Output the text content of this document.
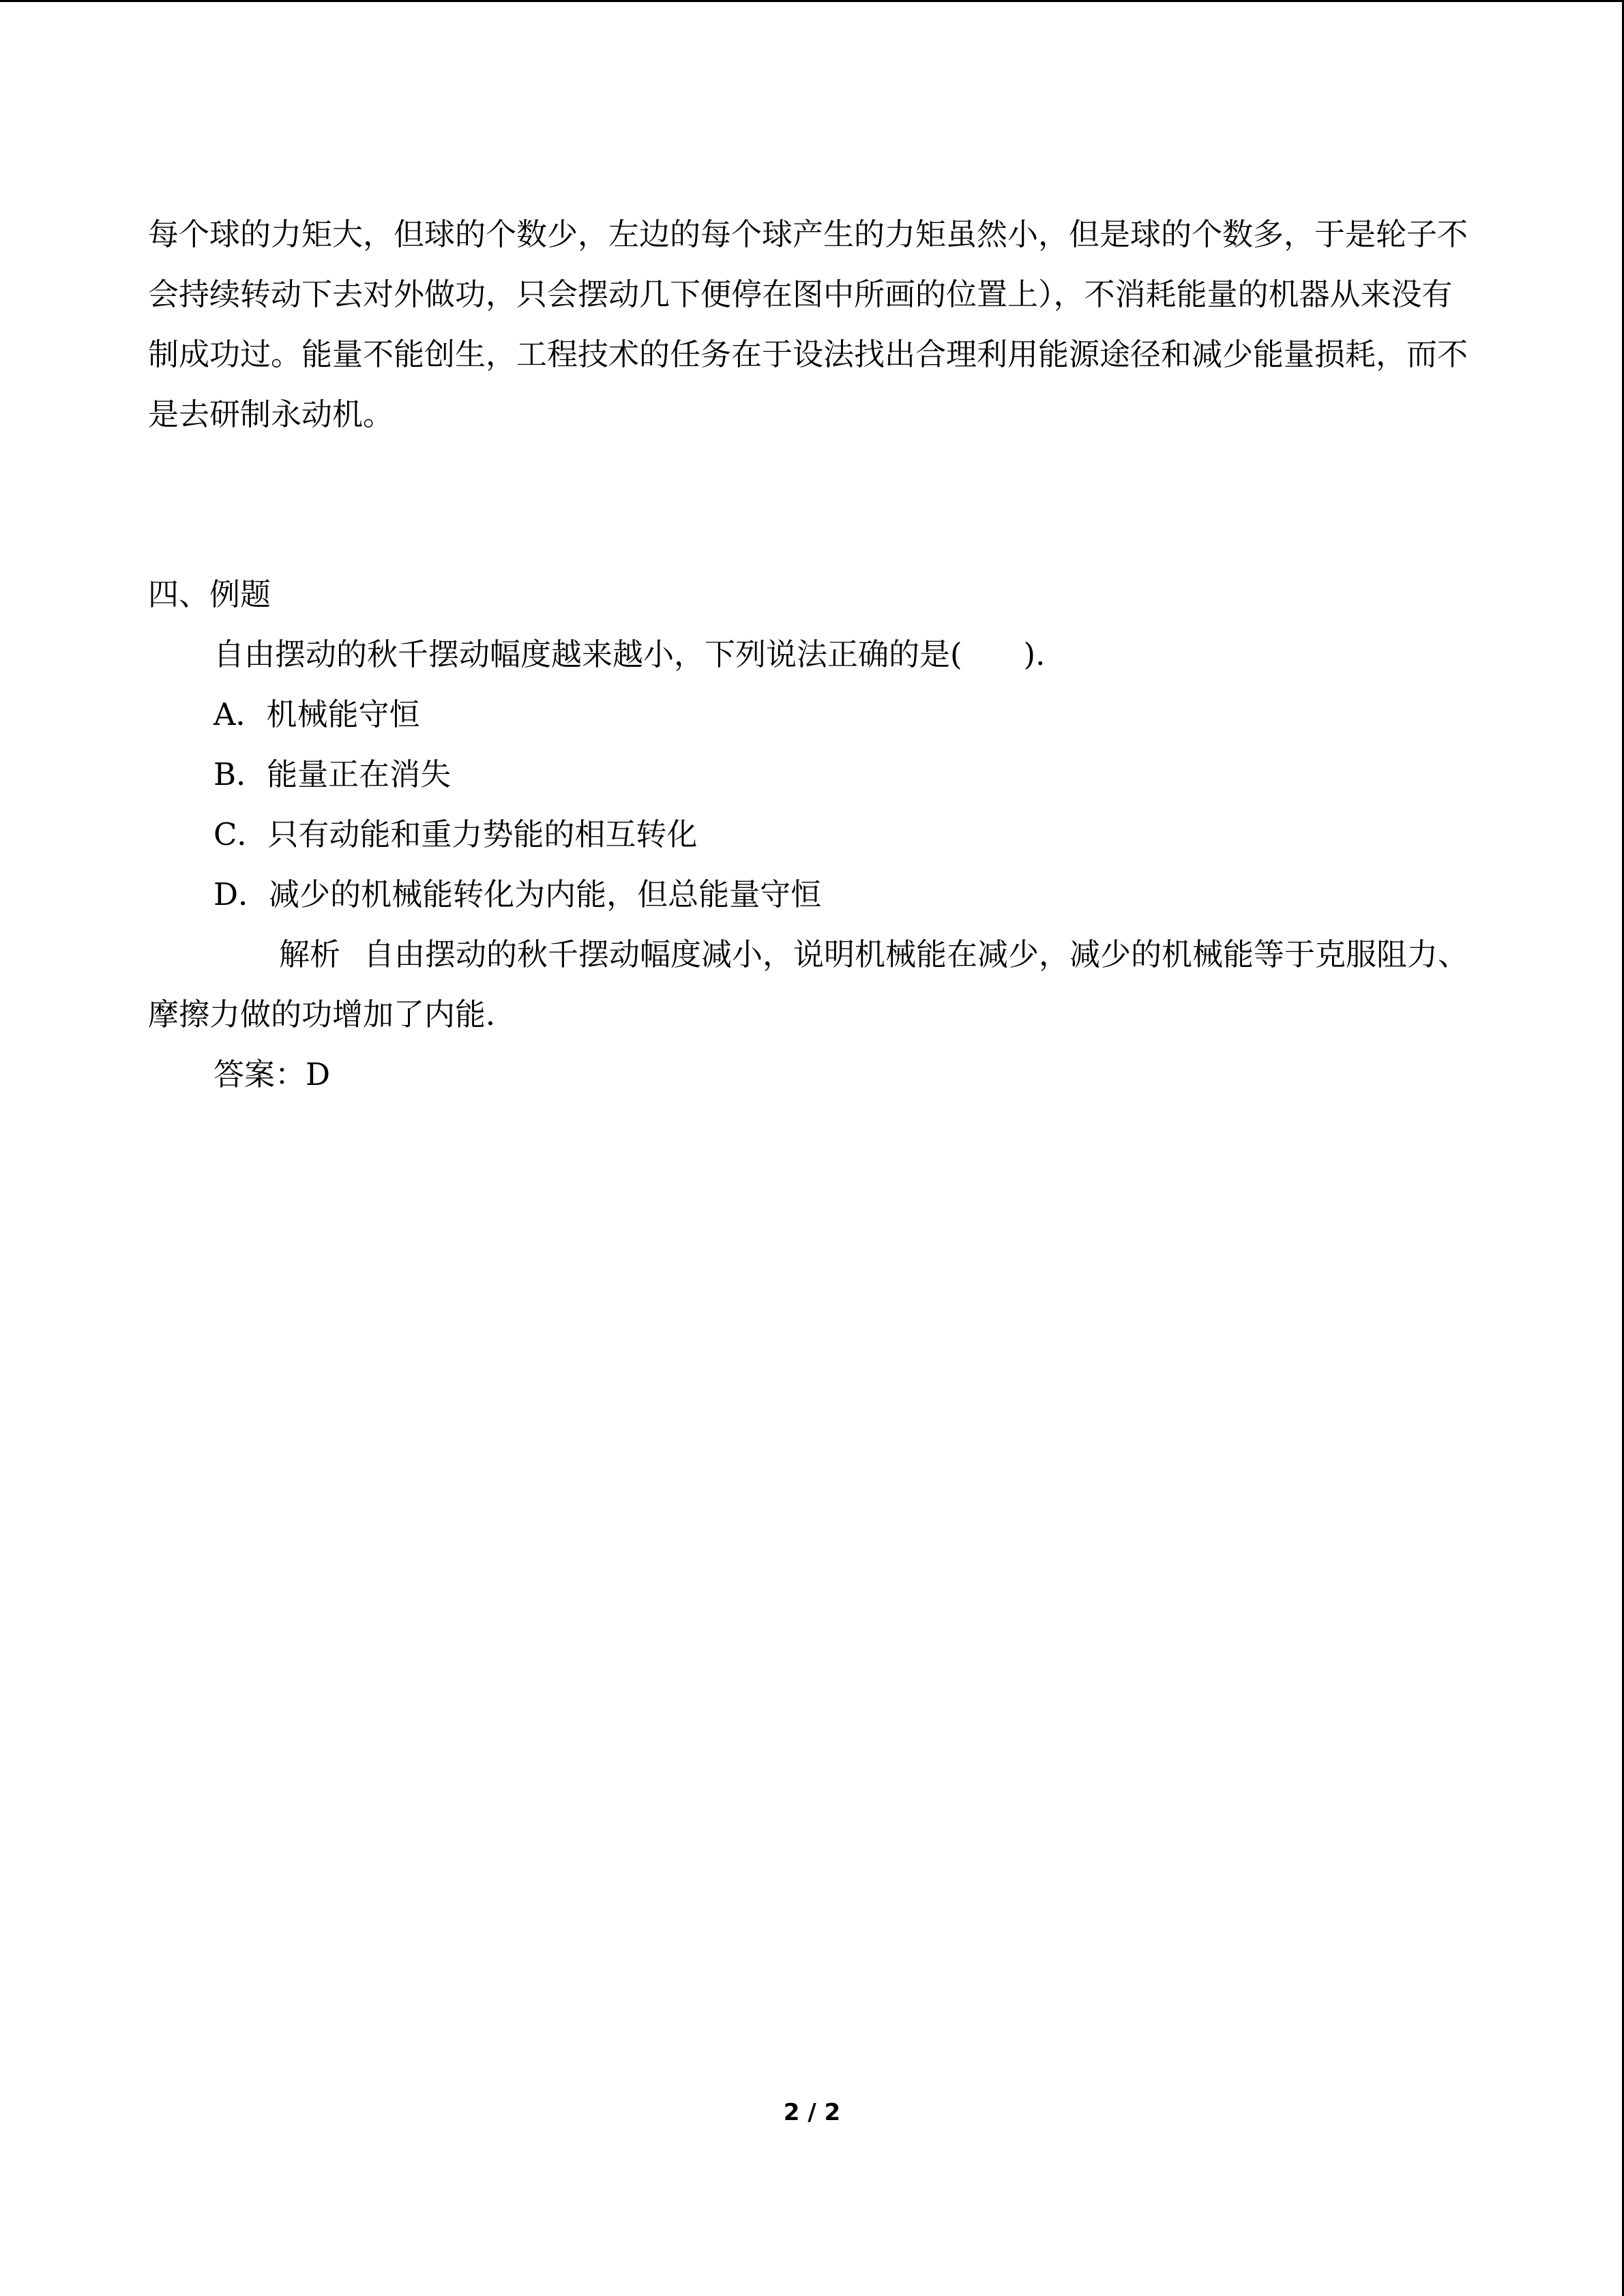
每个球的力矩大，但球的个数少，左边的每个球产生的力矩虽然小，但是球的个数多，于是轮子不会持续转动下去对外做功，只会摆动几下便停在图中所画的位置上），不消耗能量的机器从来没有制成功过。能量不能创生，工程技术的任务在于设法找出合理利用能源途径和减少能量损耗，而不是去研制永动机。
四、例题
自由摆动的秋千摆动幅度越来越小，下列说法正确的是(　　).
A．机械能守恒
B．能量正在消失
C．只有动能和重力势能的相互转化
D．减少的机械能转化为内能，但总能量守恒
解析 自由摆动的秋千摆动幅度减小，说明机械能在减少，减少的机械能等于克服阻力、摩擦力做的功增加了内能．
答案：D
2 / 2
